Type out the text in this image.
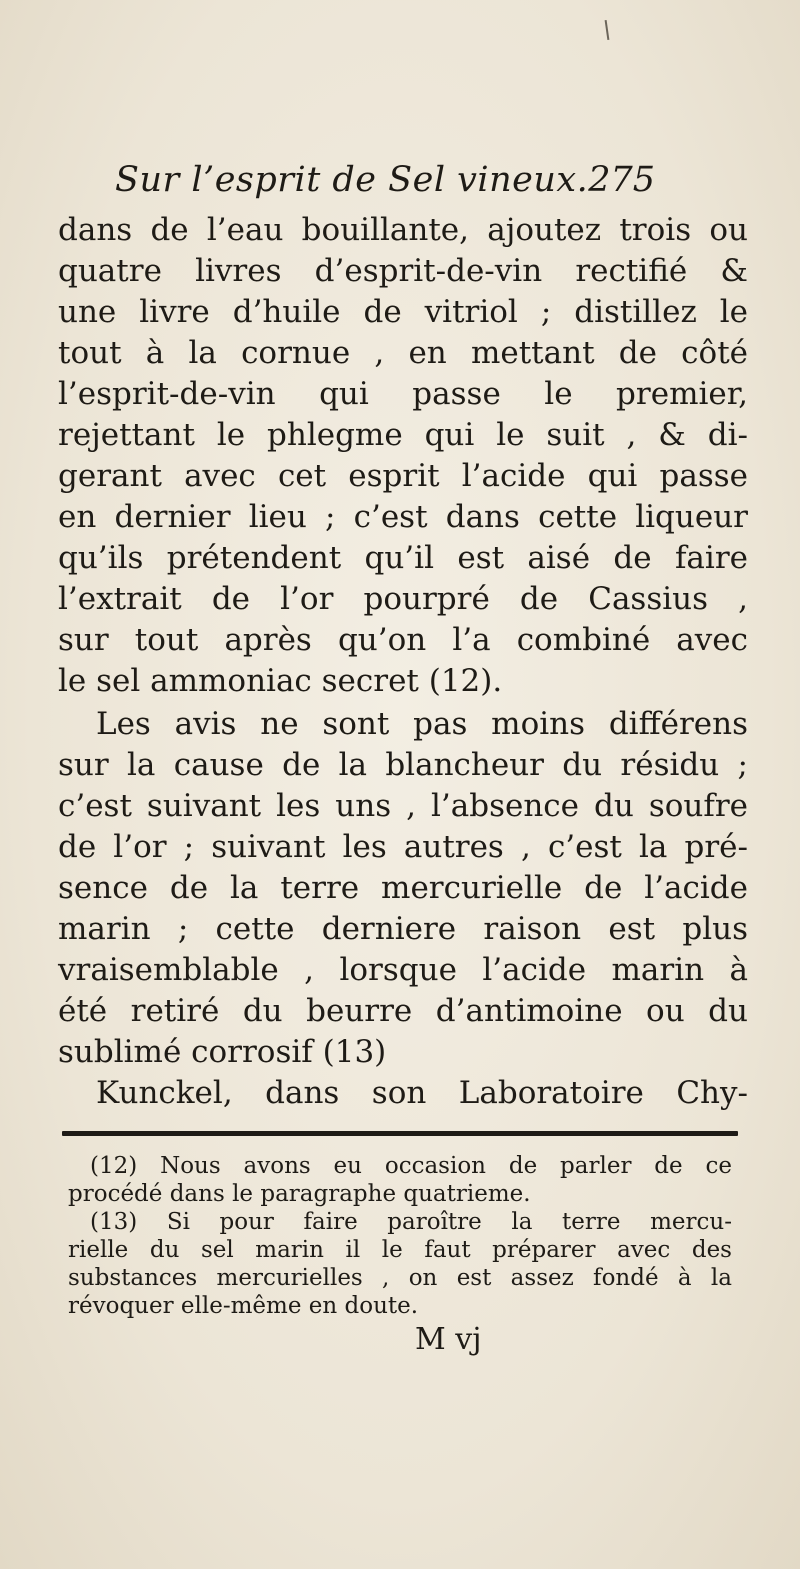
Sur l’esprit de Sel vineux. 275
dans de l’eau bouillante, ajoutez trois ou
quatre livres d’esprit-de-vin rectifié &
une livre d’huile de vitriol ; distillez le
tout à la cornue , en mettant de côté
l’esprit-de-vin qui passe le premier,
rejettant le phlegme qui le suit , & di-
gerant avec cet esprit l’acide qui passe
en dernier lieu ; c’est dans cette liqueur
qu’ils prétendent qu’il est aisé de faire
l’extrait de l’or pourpré de Cassius ,
sur tout après qu’on l’a combiné avec
le sel ammoniac secret (12).
Les avis ne sont pas moins différens
sur la cause de la blancheur du résidu ;
c’est suivant les uns , l’absence du soufre
de l’or ; suivant les autres , c’est la pré-
sence de la terre mercurielle de l’acide
marin ; cette derniere raison est plus
vraisemblable , lorsque l’acide marin à
été retiré du beurre d’antimoine ou du
sublimé corrosif (13)
Kunckel, dans son Laboratoire Chy-
(12) Nous avons eu occasion de parler de ce
procédé dans le paragraphe quatrieme.
(13) Si pour faire paroître la terre mercu-
rielle du sel marin il le faut préparer avec des
substances mercurielles , on est assez fondé à la
révoquer elle-même en doute.
M vj
